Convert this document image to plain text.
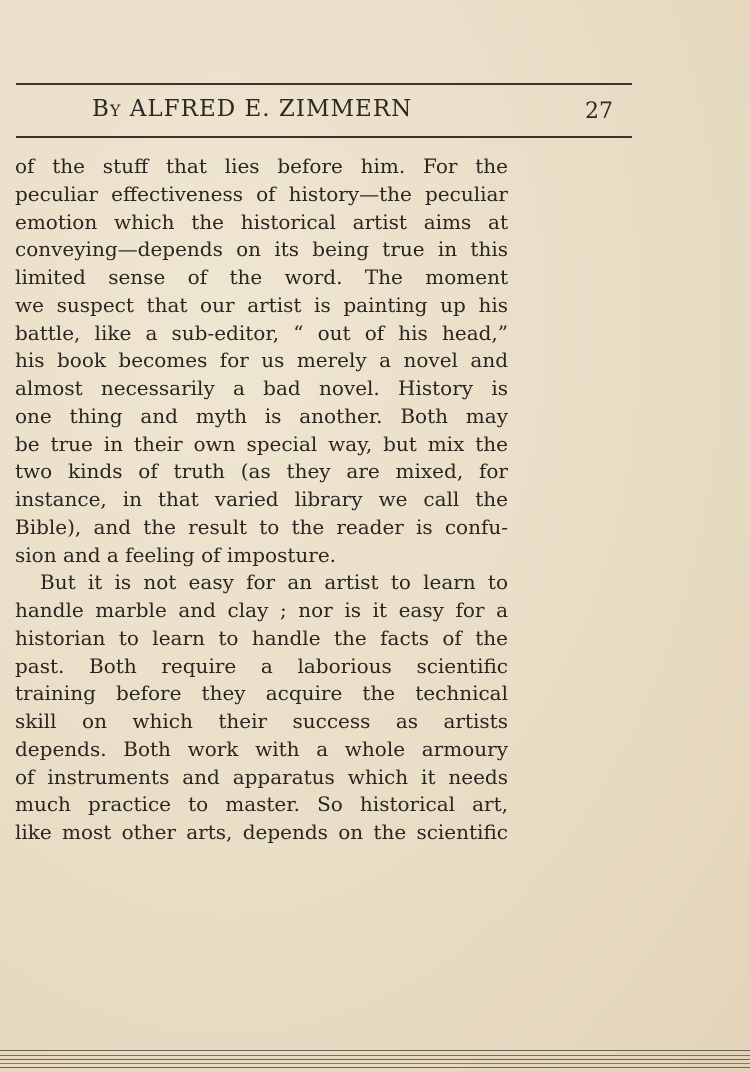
BY ALFRED E. ZIMMERN	27
of the stuff that lies before him. For the
peculiar effectiveness of history—the peculiar
emotion which the historical artist aims at
conveying—depends on its being true in this
limited sense of the word. The moment
we suspect that our artist is painting up his
battle, like a sub-editor, “ out of his head,”
his book becomes for us merely a novel and
almost necessarily a bad novel. History is
one thing and myth is another. Both may
be true in their own special way, but mix the
two kinds of truth (as they are mixed, for
instance, in that varied library we call the
Bible), and the result to the reader is confu-
sion and a feeling of imposture.
But it is not easy for an artist to learn to
handle marble and clay ; nor is it easy for a
historian to learn to handle the facts of the
past. Both require a laborious scientific
training before they acquire the technical
skill on which their success as artists
depends. Both work with a whole armoury
of instruments and apparatus which it needs
much practice to master. So historical art,
like most other arts, depends on the scientific
